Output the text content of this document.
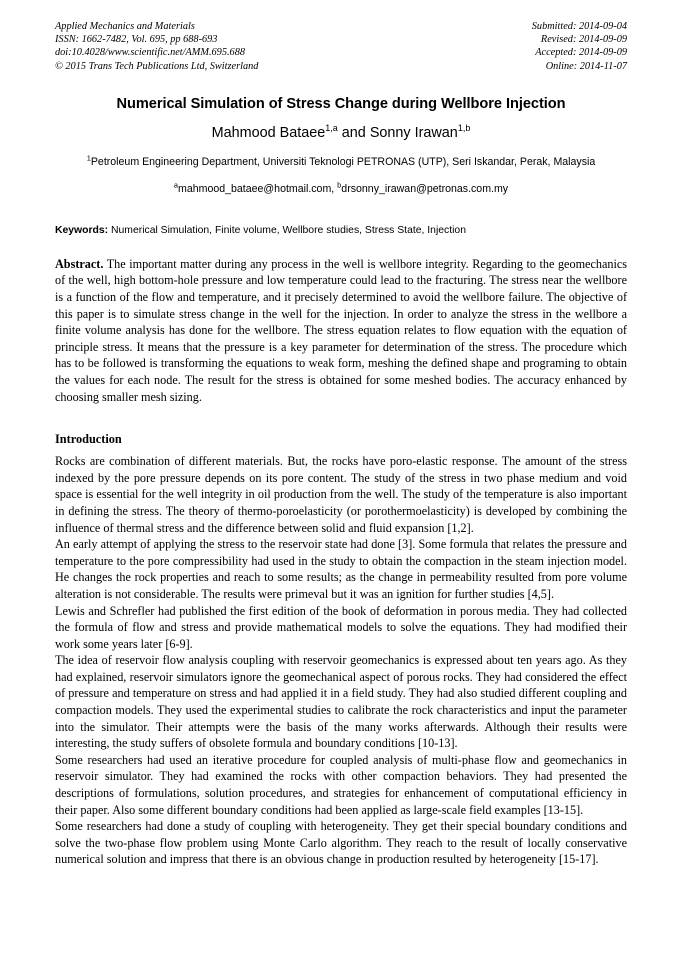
Applied Mechanics and Materials
ISSN: 1662-7482, Vol. 695, pp 688-693
doi:10.4028/www.scientific.net/AMM.695.688
© 2015 Trans Tech Publications Ltd, Switzerland
Submitted: 2014-09-04
Revised: 2014-09-09
Accepted: 2014-09-09
Online: 2014-11-07
Numerical Simulation of Stress Change during Wellbore Injection
Mahmood Bataee$^{1,a}$ and Sonny Irawan$^{1,b}$
$^1$Petroleum Engineering Department, Universiti Teknologi PETRONAS (UTP), Seri Iskandar, Perak, Malaysia
$^a$mahmood_bataee@hotmail.com, $^b$drsonny_irawan@petronas.com.my
Keywords: Numerical Simulation, Finite volume, Wellbore studies, Stress State, Injection
Abstract. The important matter during any process in the well is wellbore integrity. Regarding to the geomechanics of the well, high bottom-hole pressure and low temperature could lead to the fracturing. The stress near the wellbore is a function of the flow and temperature, and it precisely determined to avoid the wellbore failure. The objective of this paper is to simulate stress change in the well for the injection. In order to analyze the stress in the wellbore a finite volume analysis has done for the wellbore. The stress equation relates to flow equation with the equation of principle stress. It means that the pressure is a key parameter for determination of the stress. The procedure which has to be followed is transforming the equations to weak form, meshing the defined shape and programing to obtain the values for each node. The result for the stress is obtained for some meshed bodies. The accuracy enhanced by choosing smaller mesh sizing.
Introduction
Rocks are combination of different materials. But, the rocks have poro-elastic response. The amount of the stress indexed by the pore pressure depends on its pore content. The study of the stress in two phase medium and void space is essential for the well integrity in oil production from the well. The study of the temperature is also important in defining the stress. The theory of thermo-poroelasticity (or porothermoelasticity) is developed by combining the influence of thermal stress and the difference between solid and fluid expansion [1,2].
An early attempt of applying the stress to the reservoir state had done [3]. Some formula that relates the pressure and temperature to the pore compressibility had used in the study to obtain the compaction in the steam injection model. He changes the rock properties and reach to some results; as the change in permeability resulted from pore volume alteration is not considerable. The results were primeval but it was an ignition for further studies [4,5].
Lewis and Schrefler had published the first edition of the book of deformation in porous media. They had collected the formula of flow and stress and provide mathematical models to solve the equations. They had modified their work some years later [6-9].
The idea of reservoir flow analysis coupling with reservoir geomechanics is expressed about ten years ago. As they had explained, reservoir simulators ignore the geomechanical aspect of porous rocks. They had considered the effect of pressure and temperature on stress and had applied it in a field study. They had also studied different coupling and compaction models. They used the experimental studies to calibrate the rock characteristics and input the parameter into the simulator. Their attempts were the basis of the many works afterwards. Although their results were interesting, the study suffers of obsolete formula and boundary conditions [10-13].
Some researchers had used an iterative procedure for coupled analysis of multi-phase flow and geomechanics in reservoir simulator. They had examined the rocks with other compaction behaviors. They had presented the descriptions of formulations, solution procedures, and strategies for enhancement of computational efficiency in their paper. Also some different boundary conditions had been applied as large-scale field examples [13-15].
Some researchers had done a study of coupling with heterogeneity. They get their special boundary conditions and solve the two-phase flow problem using Monte Carlo algorithm. They reach to the result of locally conservative numerical solution and impress that there is an obvious change in production resulted by heterogeneity [15-17].
